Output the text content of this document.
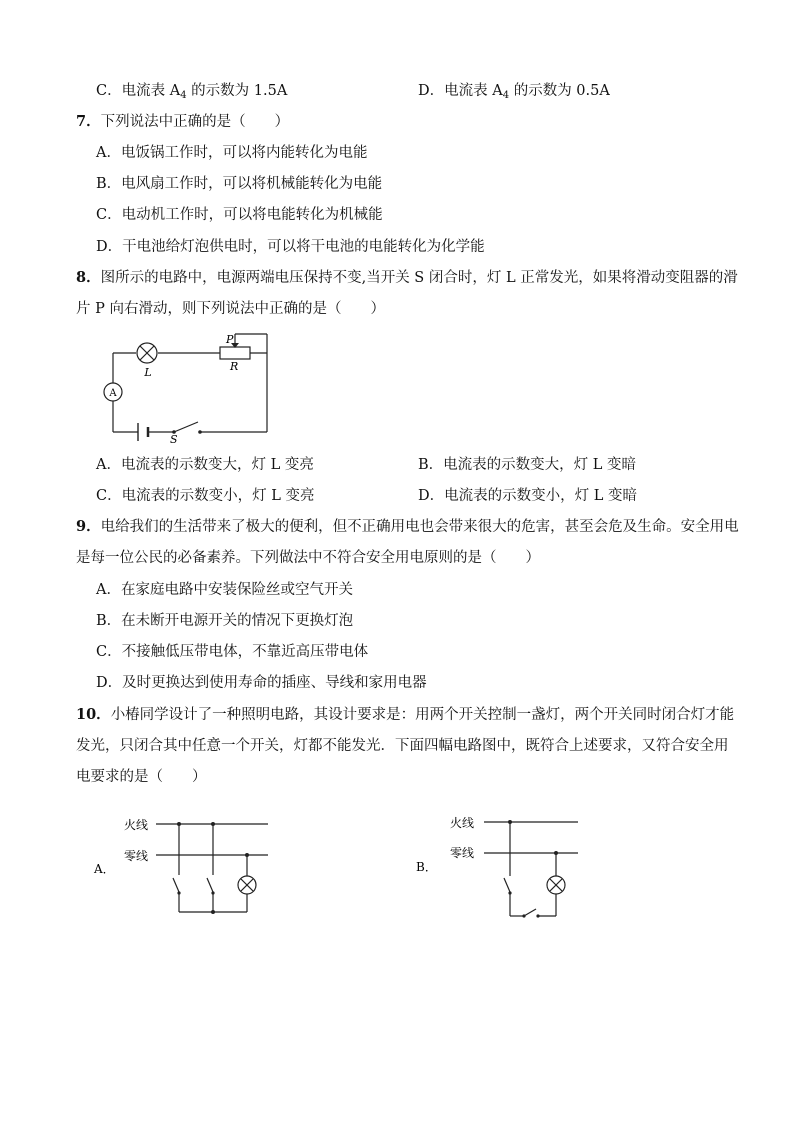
C．电流表 $A_4$ 的示数为 1.5A	D．电流表 $A_4$ 的示数为 0.5A
7．下列说法中正确的是（　　）
A．电饭锅工作时，可以将内能转化为电能
B．电风扇工作时，可以将机械能转化为电能
C．电动机工作时，可以将电能转化为机械能
D．干电池给灯泡供电时，可以将干电池的电能转化为化学能
8．图所示的电路中，电源两端电压保持不变,当开关 S 闭合时，灯 L 正常发光，如果将滑动变阻器的滑
片 P 向右滑动，则下列说法中正确的是（　　）
A
L
P
R
S
A．电流表的示数变大，灯 L 变亮	B．电流表的示数变大，灯 L 变暗
C．电流表的示数变小，灯 L 变亮	D．电流表的示数变小，灯 L 变暗
9．电给我们的生活带来了极大的便利，但不正确用电也会带来很大的危害，甚至会危及生命。安全用电
是每一位公民的必备素养。下列做法中不符合安全用电原则的是（　　）
A．在家庭电路中安装保险丝或空气开关
B．在未断开电源开关的情况下更换灯泡
C．不接触低压带电体，不靠近高压带电体
D．及时更换达到使用寿命的插座、导线和家用电器
10．小椿同学设计了一种照明电路，其设计要求是：用两个开关控制一盏灯，两个开关同时闭合灯才能
发光，只闭合其中任意一个开关，灯都不能发光．下面四幅电路图中，既符合上述要求，又符合安全用
电要求的是（　　）
A．
火线
零线
B．
火线
零线
